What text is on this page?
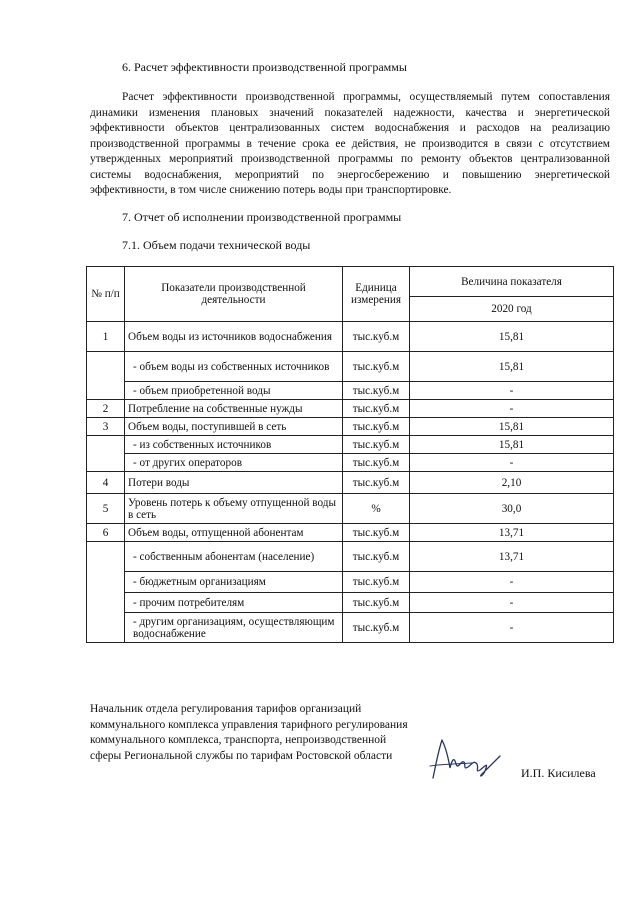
6. Расчет эффективности производственной программы

Расчет эффективности производственной программы, осуществляемый путем сопоставления динамики изменения плановых значений показателей надежности, качества и энергетической эффективности объектов централизованных систем водоснабжения и расходов на реализацию производственной программы в течение срока ее действия, не производится в связи с отсутствием утвержденных мероприятий производственной программы по ремонту объектов централизованной системы водоснабжения, мероприятий по энергосбережению и повышению энергетической эффективности, в том числе снижению потерь воды при транспортировке.

7. Отчет об исполнении производственной программы
7.1. Объем подачи технической воды
№ п/п	Показатели производственной деятельности	Единица измерения	Величина показателя
			2020 год
1	Объем воды из источников водоснабжения	тыс.куб.м	15,81
	- объем воды из собственных источников	тыс.куб.м	15,81
	- объем приобретенной воды	тыс.куб.м	-
2	Потребление на собственные нужды	тыс.куб.м	-
3	Объем воды, поступившей в сеть	тыс.куб.м	15,81
	- из собственных источников	тыс.куб.м	15,81
	- от других операторов	тыс.куб.м	-
4	Потери воды	тыс.куб.м	2,10
5	Уровень потерь к объему отпущенной воды в сеть	%	30,0
6	Объем воды, отпущенной абонентам	тыс.куб.м	13,71
	- собственным абонентам (население)	тыс.куб.м	13,71
	- бюджетным организациям	тыс.куб.м	-
	- прочим потребителям	тыс.куб.м	-
	- другим организациям, осуществляющим водоснабжение	тыс.куб.м	-
Начальник отдела регулирования тарифов организаций коммунального комплекса управления тарифного регулирования коммунального комплекса, транспорта, непроизводственной сферы Региональной службы по тарифам Ростовской области
И.П. Кисилева
